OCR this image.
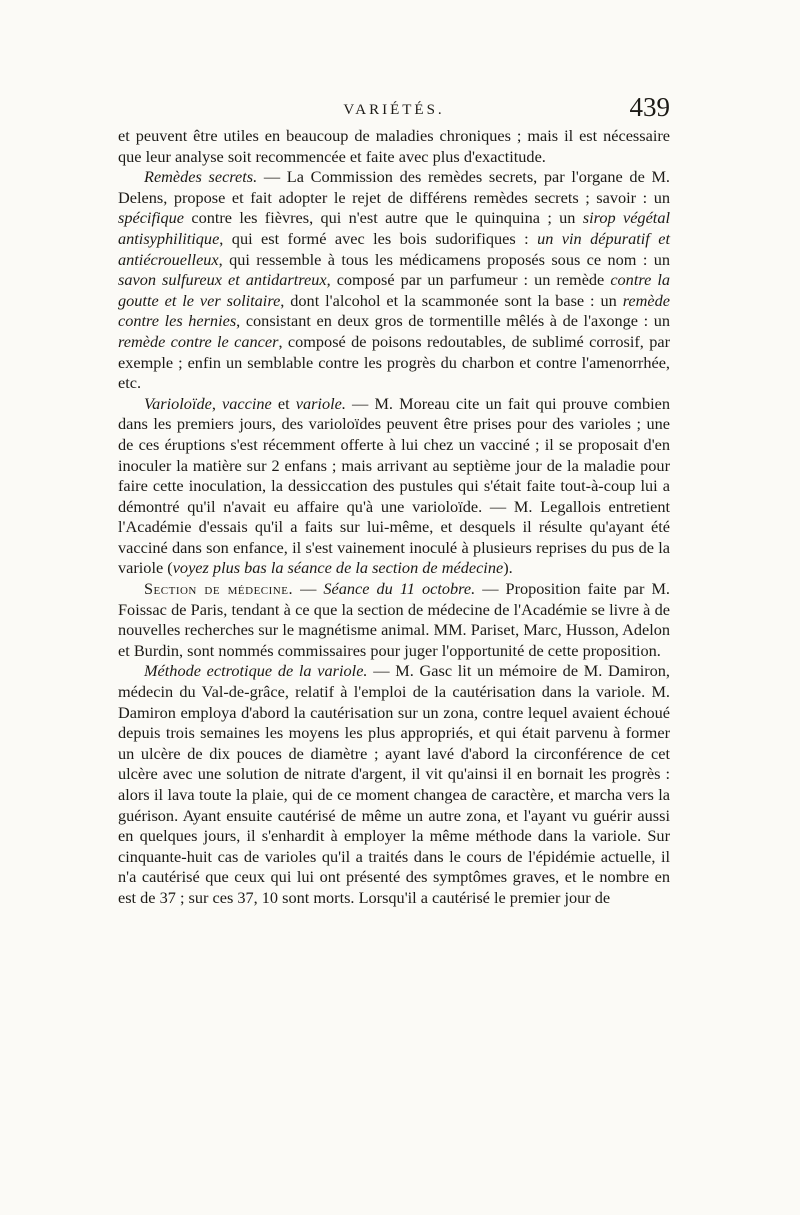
VARIÉTÉS.	439

et peuvent être utiles en beaucoup de maladies chroniques ; mais il est nécessaire que leur analyse soit recommencée et faite avec plus d'exactitude.

Remèdes secrets. — La Commission des remèdes secrets, par l'organe de M. Delens, propose et fait adopter le rejet de différens remèdes secrets ; savoir : un spécifique contre les fièvres, qui n'est autre que le quinquina ; un sirop végétal antisyphilitique, qui est formé avec les bois sudorifiques : un vin dépuratif et antiécrouelleux, qui ressemble à tous les médicamens proposés sous ce nom : un savon sulfureux et antidartreux, composé par un parfumeur : un remède contre la goutte et le ver solitaire, dont l'alcohol et la scammonée sont la base : un remède contre les hernies, consistant en deux gros de tormentille mêlés à de l'axonge : un remède contre le cancer, composé de poisons redoutables, de sublimé corrosif, par exemple ; enfin un semblable contre les progrès du charbon et contre l'amenorrhée, etc.

Varioloïde, vaccine et variole. — M. Moreau cite un fait qui prouve combien dans les premiers jours, des varioloïdes peuvent être prises pour des varioles ; une de ces éruptions s'est récemment offerte à lui chez un vacciné ; il se proposait d'en inoculer la matière sur 2 enfans ; mais arrivant au septième jour de la maladie pour faire cette inoculation, la dessiccation des pustules qui s'était faite tout-à-coup lui a démontré qu'il n'avait eu affaire qu'à une varioloïde. — M. Legallois entretient l'Académie d'essais qu'il a faits sur lui-même, et desquels il résulte qu'ayant été vacciné dans son enfance, il s'est vainement inoculé à plusieurs reprises du pus de la variole (voyez plus bas la séance de la section de médecine).

Section de médecine. — Séance du 11 octobre. — Proposition faite par M. Foissac de Paris, tendant à ce que la section de médecine de l'Académie se livre à de nouvelles recherches sur le magnétisme animal. MM. Pariset, Marc, Husson, Adelon et Burdin, sont nommés commissaires pour juger l'opportunité de cette proposition.

Méthode ectrotique de la variole. — M. Gasc lit un mémoire de M. Damiron, médecin du Val-de-grâce, relatif à l'emploi de la cautérisation dans la variole. M. Damiron employa d'abord la cautérisation sur un zona, contre lequel avaient échoué depuis trois semaines les moyens les plus appropriés, et qui était parvenu à former un ulcère de dix pouces de diamètre ; ayant lavé d'abord la circonférence de cet ulcère avec une solution de nitrate d'argent, il vit qu'ainsi il en bornait les progrès : alors il lava toute la plaie, qui de ce moment changea de caractère, et marcha vers la guérison. Ayant ensuite cautérisé de même un autre zona, et l'ayant vu guérir aussi en quelques jours, il s'enhardit à employer la même méthode dans la variole. Sur cinquante-huit cas de varioles qu'il a traités dans le cours de l'épidémie actuelle, il n'a cautérisé que ceux qui lui ont présenté des symptômes graves, et le nombre en est de 37 ; sur ces 37, 10 sont morts. Lorsqu'il a cautérisé le premier jour de
